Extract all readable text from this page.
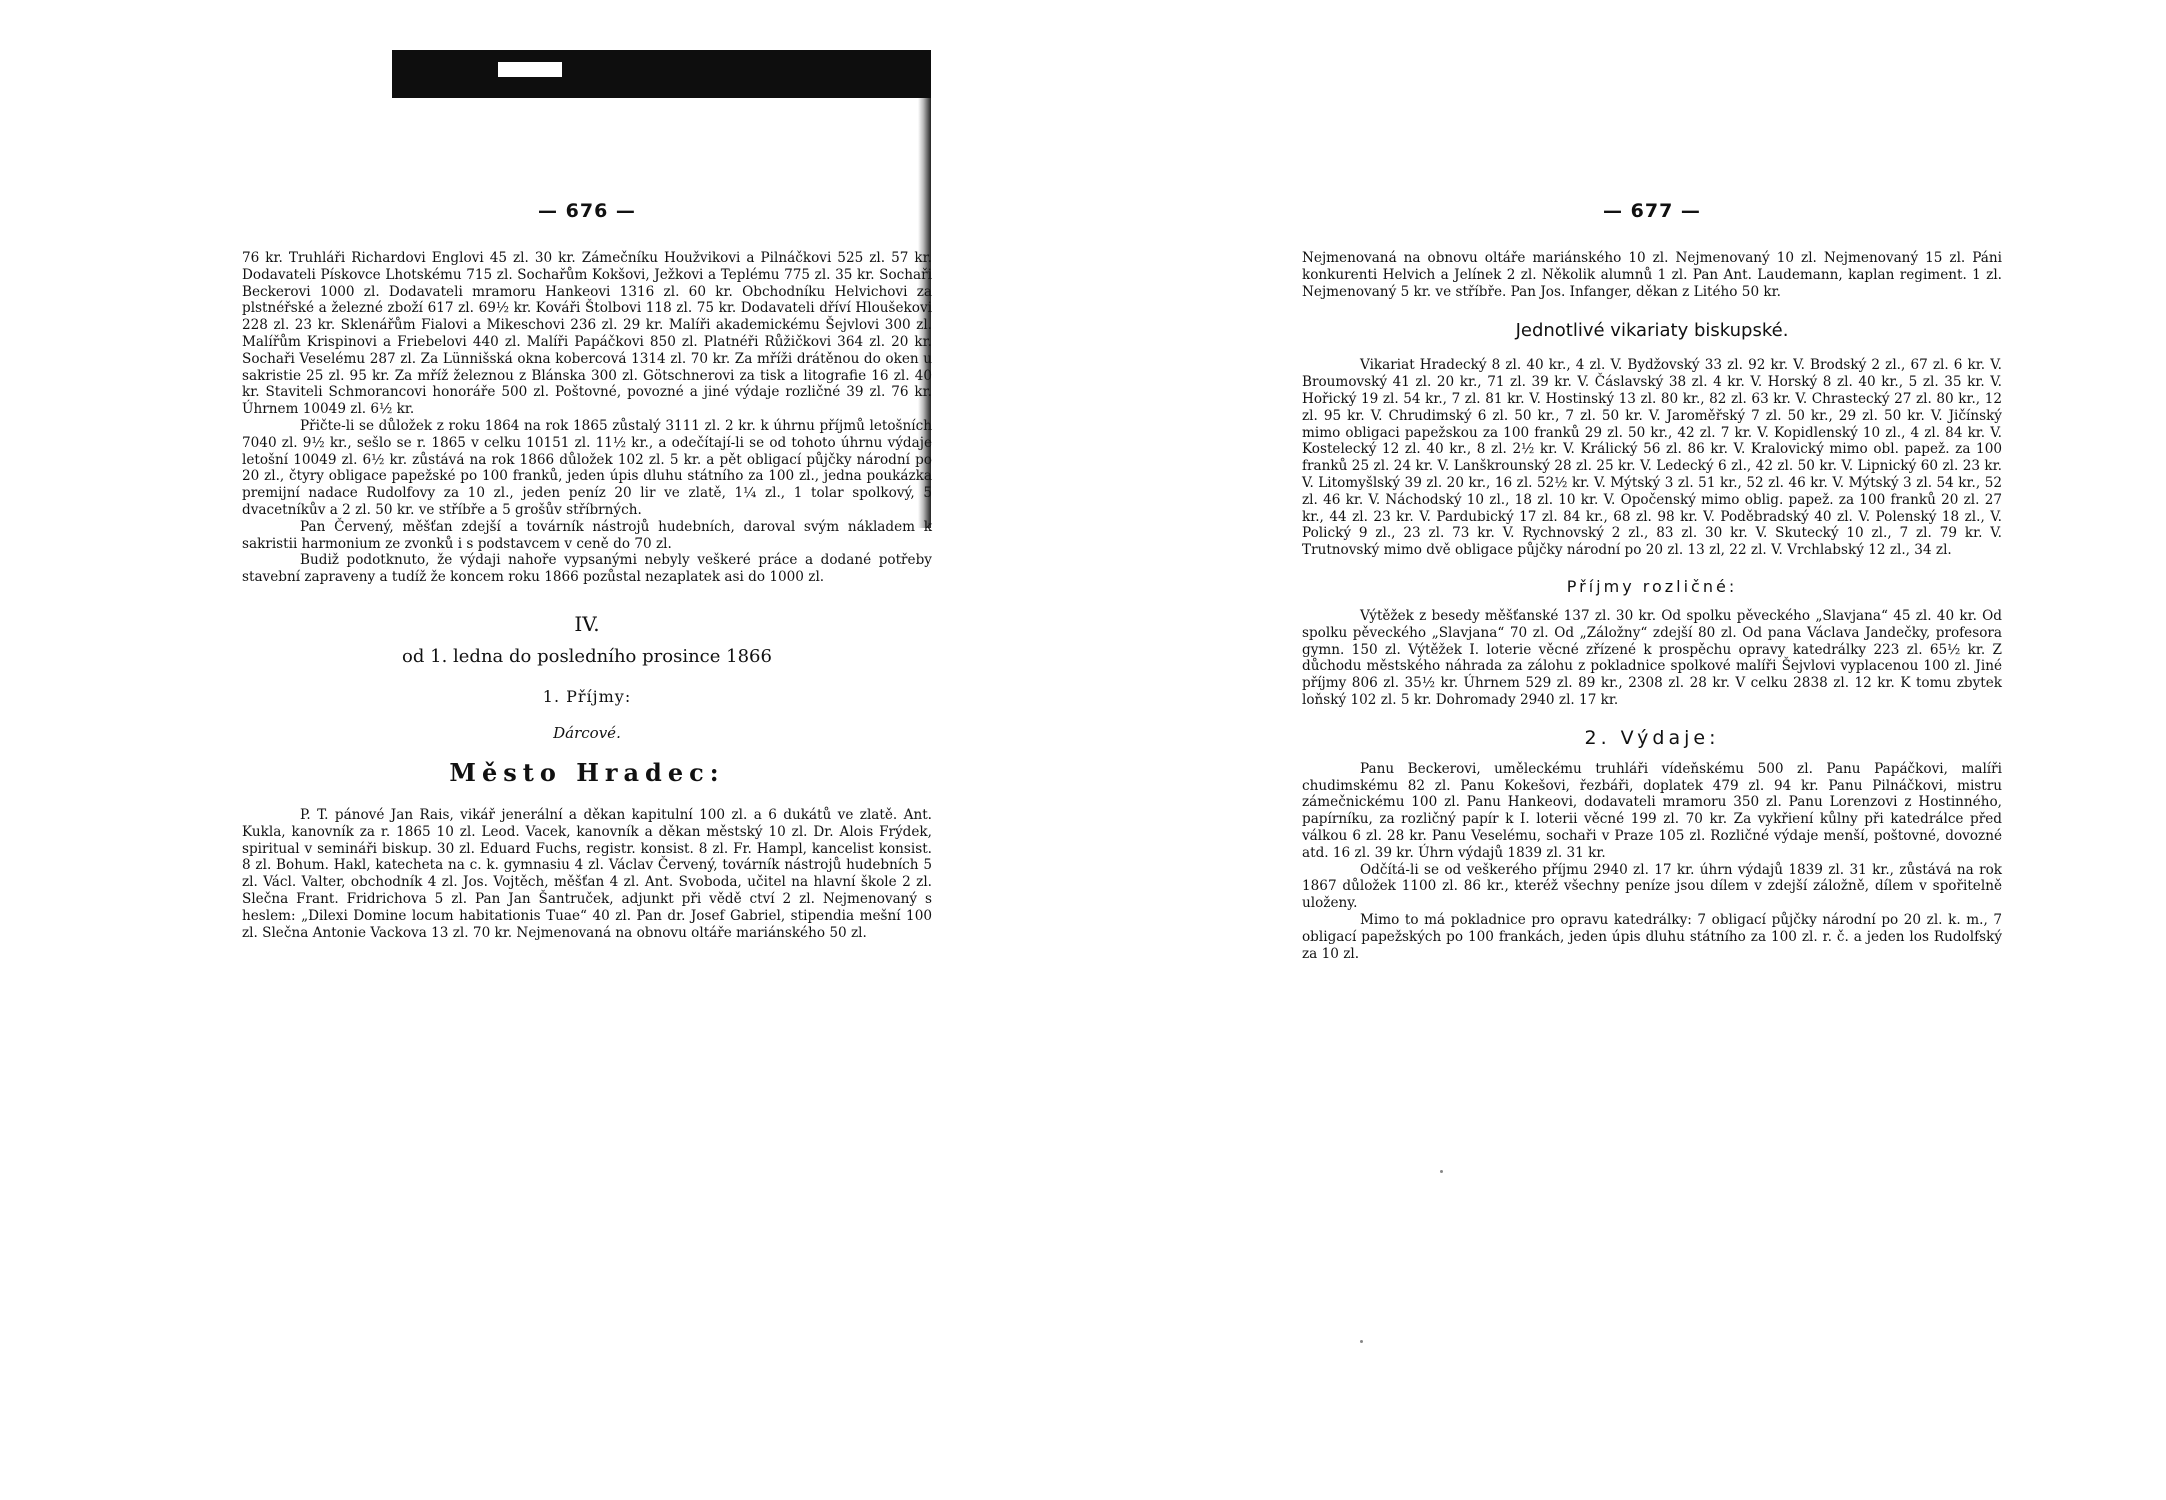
— 676 —

76 kr. Truhláři Richardovi Englovi 45 zl. 30 kr. Zámečníku Houžvikovi a Pilnáčkovi 525 zl. 57 kr. Dodavateli Pískovce Lhotskému 715 zl. Sochařům Kokšovi, Ježkovi a Teplému 775 zl. 35 kr. Sochaři Beckerovi 1000 zl. Dodavateli mramoru Hankeovi 1316 zl. 60 kr. Obchodníku Helvichovi za plstnéřské a železné zboží 617 zl. 69½ kr. Kováři Štolbovi 118 zl. 75 kr. Dodavateli dříví Hloušekovi 228 zl. 23 kr. Sklenářům Fialovi a Mikeschovi 236 zl. 29 kr. Malíři akademickému Šejvlovi 300 zl. Malířům Krispinovi a Friebelovi 440 zl. Malíři Papáčkovi 850 zl. Platnéři Růžičkovi 364 zl. 20 kr. Sochaři Veselému 287 zl. Za Lünnišská okna kobercová 1314 zl. 70 kr. Za mříži drátěnou do oken u sakristie 25 zl. 95 kr. Za mříž železnou z Blánska 300 zl. Götschnerovi za tisk a litografie 16 zl. 40 kr. Staviteli Schmorancovi honoráře 500 zl. Poštovné, povozné a jiné výdaje rozličné 39 zl. 76 kr. Úhrnem 10049 zl. 6½ kr.

Přičte-li se důložek z roku 1864 na rok 1865 zůstalý 3111 zl. 2 kr. k úhrnu příjmů letošních 7040 zl. 9½ kr., sešlo se r. 1865 v celku 10151 zl. 11½ kr., a odečítají-li se od tohoto úhrnu výdaje letošní 10049 zl. 6½ kr. zůstává na rok 1866 důložek 102 zl. 5 kr. a pět obligací půjčky národní po 20 zl., čtyry obligace papežské po 100 franků, jeden úpis dluhu státního za 100 zl., jedna poukázka premijní nadace Rudolfovy za 10 zl., jeden peníz 20 lir ve zlatě, 1¼ zl., 1 tolar spolkový, 5 dvacetníkův a 2 zl. 50 kr. ve stříbře a 5 grošův stříbrných.

Pan Červený, měšťan zdejší a továrník nástrojů hudebních, daroval svým nákladem k sakristii harmonium ze zvonků i s podstavcem v ceně do 70 zl.

Budiž podotknuto, že výdaji nahoře vypsanými nebyly veškeré práce a dodané potřeby stavební zapraveny a tudíž že koncem roku 1866 pozůstal nezaplatek asi do 1000 zl.

IV.
od 1. ledna do posledního prosince 1866
1. Příjmy:
Dárcové.
Město Hradec:

P. T. pánové Jan Rais, vikář jenerální a děkan kapitulní 100 zl. a 6 dukátů ve zlatě. Ant. Kukla, kanovník za r. 1865 10 zl. Leod. Vacek, kanovník a děkan městský 10 zl. Dr. Alois Frýdek, spiritual v semináři biskup. 30 zl. Eduard Fuchs, registr. konsist. 8 zl. Fr. Hampl, kancelist konsist. 8 zl. Bohum. Hakl, katecheta na c. k. gymnasiu 4 zl. Václav Červený, továrník nástrojů hudebních 5 zl. Václ. Valter, obchodník 4 zl. Jos. Vojtěch, měšťan 4 zl. Ant. Svoboda, učitel na hlavní škole 2 zl. Slečna Frant. Fridrichova 5 zl. Pan Jan Šantruček, adjunkt při vědě ctví 2 zl. Nejmenovaný s heslem: „Dilexi Domine locum habitationis Tuae“ 40 zl. Pan dr. Josef Gabriel, stipendia mešní 100 zl. Slečna Antonie Vackova 13 zl. 70 kr. Nejmenovaná na obnovu oltáře mariánského 50 zl.

— 677 —

Nejmenovaná na obnovu oltáře mariánského 10 zl. Nejmenovaný 10 zl. Nejmenovaný 15 zl. Páni konkurenti Helvich a Jelínek 2 zl. Několik alumnů 1 zl. Pan Ant. Laudemann, kaplan regiment. 1 zl. Nejmenovaný 5 kr. ve stříbře. Pan Jos. Infanger, děkan z Litého 50 kr.

Jednotlivé vikariaty biskupské.

Vikariat Hradecký 8 zl. 40 kr., 4 zl. V. Bydžovský 33 zl. 92 kr. V. Brodský 2 zl., 67 zl. 6 kr. V. Broumovský 41 zl. 20 kr., 71 zl. 39 kr. V. Čáslavský 38 zl. 4 kr. V. Horský 8 zl. 40 kr., 5 zl. 35 kr. V. Hořický 19 zl. 54 kr., 7 zl. 81 kr. V. Hostinský 13 zl. 80 kr., 82 zl. 63 kr. V. Chrastecký 27 zl. 80 kr., 12 zl. 95 kr. V. Chrudimský 6 zl. 50 kr., 7 zl. 50 kr. V. Jaroměřský 7 zl. 50 kr., 29 zl. 50 kr. V. Jičínský mimo obligaci papežskou za 100 franků 29 zl. 50 kr., 42 zl. 7 kr. V. Kopidlenský 10 zl., 4 zl. 84 kr. V. Kostelecký 12 zl. 40 kr., 8 zl. 2½ kr. V. Králický 56 zl. 86 kr. V. Kralovický mimo obl. papež. za 100 franků 25 zl. 24 kr. V. Lanškrounský 28 zl. 25 kr. V. Ledecký 6 zl., 42 zl. 50 kr. V. Lipnický 60 zl. 23 kr. V. Litomyšlský 39 zl. 20 kr., 16 zl. 52½ kr. V. Mýtský 3 zl. 51 kr., 52 zl. 46 kr. V. Mýtský 3 zl. 54 kr., 52 zl. 46 kr. V. Náchodský 10 zl., 18 zl. 10 kr. V. Opočenský mimo oblig. papež. za 100 franků 20 zl. 27 kr., 44 zl. 23 kr. V. Pardubický 17 zl. 84 kr., 68 zl. 98 kr. V. Poděbradský 40 zl. V. Polenský 18 zl., V. Polický 9 zl., 23 zl. 73 kr. V. Rychnovský 2 zl., 83 zl. 30 kr. V. Skutecký 10 zl., 7 zl. 79 kr. V. Trutnovský mimo dvě obligace půjčky národní po 20 zl. 13 zl, 22 zl. V. Vrchlabský 12 zl., 34 zl.

Příjmy rozličné:

Výtěžek z besedy měšťanské 137 zl. 30 kr. Od spolku pěveckého „Slavjana“ 45 zl. 40 kr. Od spolku pěveckého „Slavjana“ 70 zl. Od „Záložny“ zdejší 80 zl. Od pana Václava Jandečky, profesora gymn. 150 zl. Výtěžek I. loterie věcné zřízené k prospěchu opravy katedrálky 223 zl. 65½ kr. Z důchodu městského náhrada za zálohu z pokladnice spolkové malíři Šejvlovi vyplacenou 100 zl. Jiné příjmy 806 zl. 35½ kr. Úhrnem 529 zl. 89 kr., 2308 zl. 28 kr. V celku 2838 zl. 12 kr. K tomu zbytek loňský 102 zl. 5 kr. Dohromady 2940 zl. 17 kr.

2. Výdaje:

Panu Beckerovi, uměleckému truhláři vídeňskému 500 zl. Panu Papáčkovi, malíři chudimskému 82 zl. Panu Kokešovi, řezbáři, doplatek 479 zl. 94 kr. Panu Pilnáčkovi, mistru zámečnickému 100 zl. Panu Hankeovi, dodavateli mramoru 350 zl. Panu Lorenzovi z Hostinného, papírníku, za rozličný papír k I. loterii věcné 199 zl. 70 kr. Za vykřiení kůlny při katedrálce před válkou 6 zl. 28 kr. Panu Veselému, sochaři v Praze 105 zl. Rozličné výdaje menší, poštovné, dovozné atd. 16 zl. 39 kr. Úhrn výdajů 1839 zl. 31 kr.

Odčítá-li se od veškerého příjmu 2940 zl. 17 kr. úhrn výdajů 1839 zl. 31 kr., zůstává na rok 1867 důložek 1100 zl. 86 kr., kteréž všechny peníze jsou dílem v zdejší záložně, dílem v spořitelně uloženy.

Mimo to má pokladnice pro opravu katedrálky: 7 obligací půjčky národní po 20 zl. k. m., 7 obligací papežských po 100 frankách, jeden úpis dluhu státního za 100 zl. r. č. a jeden los Rudolfský za 10 zl.
